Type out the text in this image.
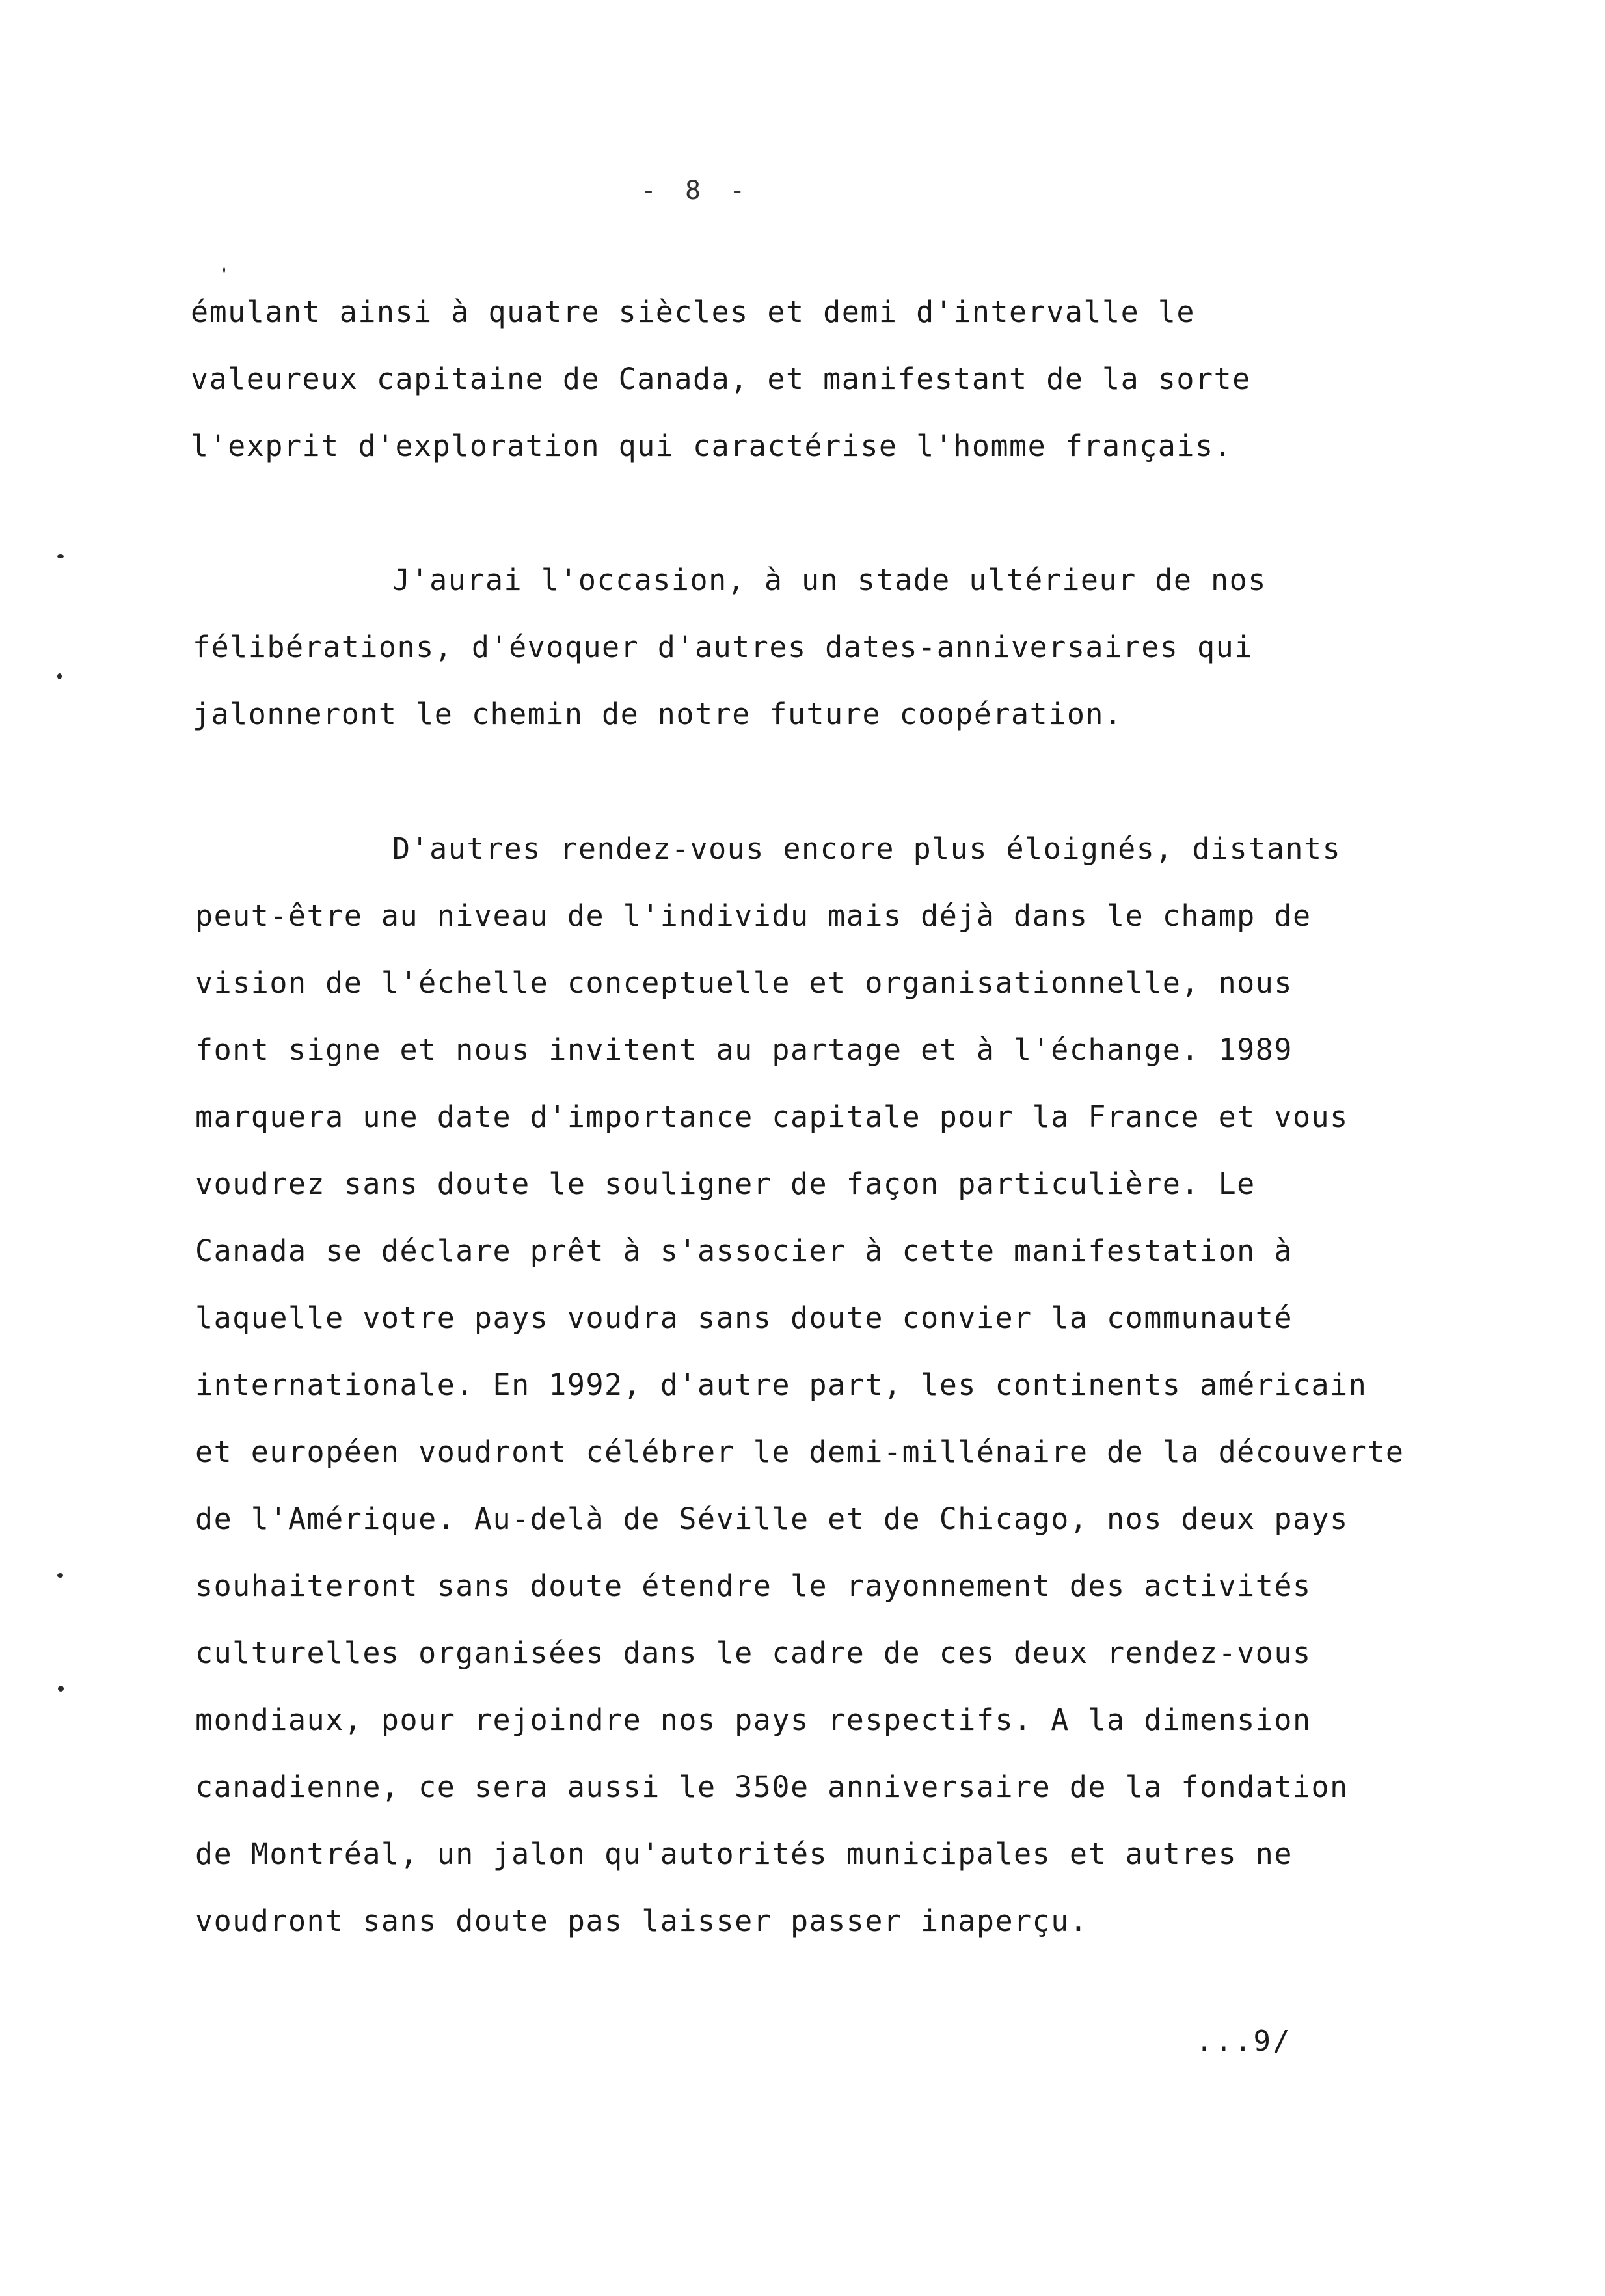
- 8 -

émulant ainsi à quatre siècles et demi d'intervalle le

valeureux capitaine de Canada, et manifestant de la sorte

l'exprit d'exploration qui caractérise l'homme français.

J'aurai l'occasion, à un stade ultérieur de nos

félibérations, d'évoquer d'autres dates-anniversaires qui

jalonneront le chemin de notre future coopération.

D'autres rendez-vous encore plus éloignés, distants

peut-être au niveau de l'individu mais déjà dans le champ de

vision de l'échelle conceptuelle et organisationnelle, nous

font signe et nous invitent au partage et à l'échange. 1989

marquera une date d'importance capitale pour la France et vous

voudrez sans doute le souligner de façon particulière. Le

Canada se déclare prêt à s'associer à cette manifestation à

laquelle votre pays voudra sans doute convier la communauté

internationale. En 1992, d'autre part, les continents américain

et européen voudront célébrer le demi-millénaire de la découverte

de l'Amérique. Au-delà de Séville et de Chicago, nos deux pays

souhaiteront sans doute étendre le rayonnement des activités

culturelles organisées dans le cadre de ces deux rendez-vous

mondiaux, pour rejoindre nos pays respectifs. A la dimension

canadienne, ce sera aussi le 350e anniversaire de la fondation

de Montréal, un jalon qu'autorités municipales et autres ne

voudront sans doute pas laisser passer inaperçu.

...9/
